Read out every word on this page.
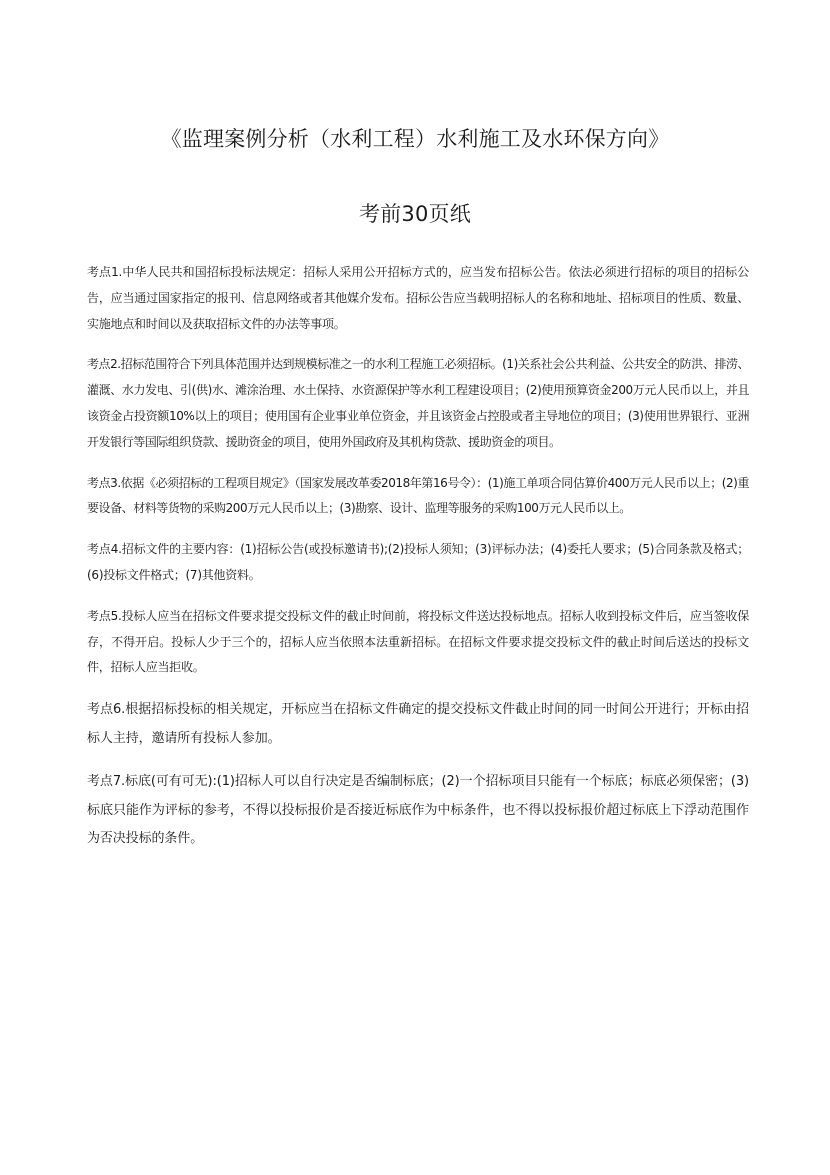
《监理案例分析（水利工程）水利施工及水环保方向》
考前30页纸

考点1.中华人民共和国招标投标法规定：招标人采用公开招标方式的，应当发布招标公告。依法必须进行招标的项目的招标公告，应当通过国家指定的报刊、信息网络或者其他媒介发布。招标公告应当载明招标人的名称和地址、招标项目的性质、数量、实施地点和时间以及获取招标文件的办法等事项。

考点2.招标范围符合下列具体范围并达到规模标准之一的水利工程施工必须招标。(1)关系社会公共利益、公共安全的防洪、排涝、灌溉、水力发电、引(供)水、滩涂治理、水土保持、水资源保护等水利工程建设项目；(2)使用预算资金200万元人民币以上，并且该资金占投资额10%以上的项目；使用国有企业事业单位资金，并且该资金占控股或者主导地位的项目；(3)使用世界银行、亚洲开发银行等国际组织贷款、援助资金的项目，使用外国政府及其机构贷款、援助资金的项目。

考点3.依据《必须招标的工程项目规定》（国家发展改革委2018年第16号令）：(1)施工单项合同估算价400万元人民币以上；(2)重要设备、材料等货物的采购200万元人民币以上；(3)勘察、设计、监理等服务的采购100万元人民币以上。

考点4.招标文件的主要内容：(1)招标公告(或投标邀请书);(2)投标人须知；(3)评标办法；(4)委托人要求；(5)合同条款及格式；(6)投标文件格式；(7)其他资料。

考点5.投标人应当在招标文件要求提交投标文件的截止时间前，将投标文件送达投标地点。招标人收到投标文件后，应当签收保存，不得开启。投标人少于三个的，招标人应当依照本法重新招标。在招标文件要求提交投标文件的截止时间后送达的投标文件，招标人应当拒收。

考点6.根据招标投标的相关规定，开标应当在招标文件确定的提交投标文件截止时间的同一时间公开进行；开标由招标人主持，邀请所有投标人参加。

考点7.标底(可有可无):(1)招标人可以自行决定是否编制标底；(2)一个招标项目只能有一个标底；标底必须保密；(3)标底只能作为评标的参考，不得以投标报价是否接近标底作为中标条件，也不得以投标报价超过标底上下浮动范围作为否决投标的条件。
